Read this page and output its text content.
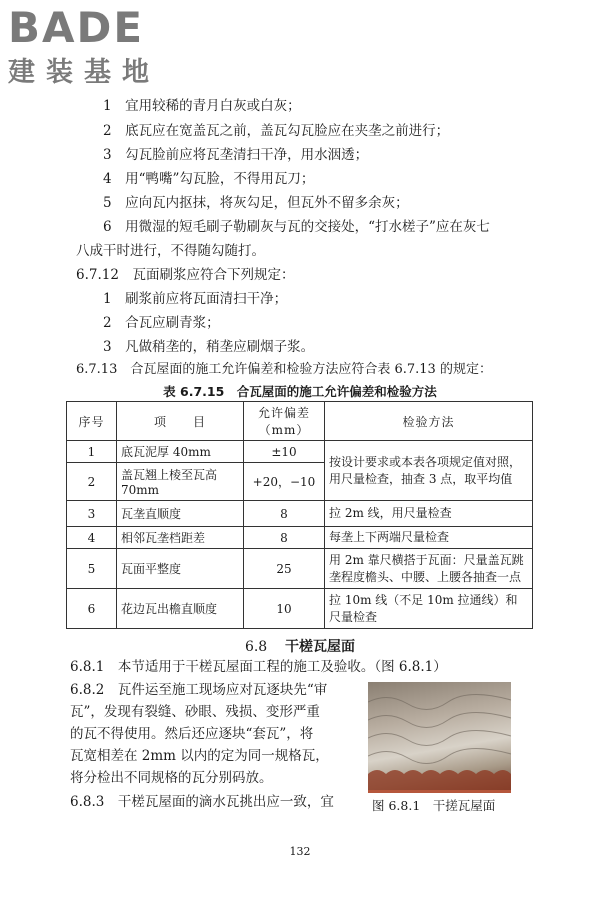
BADE
建装基地
1　宜用较稀的青月白灰或白灰；
2　底瓦应在宽盖瓦之前，盖瓦勾瓦脸应在夹垄之前进行；
3　勾瓦脸前应将瓦垄清扫干净，用水洇透；
4　用“鸭嘴”勾瓦脸，不得用瓦刀；
5　应向瓦内抠抹，将灰勾足，但瓦外不留多余灰；
6　用微湿的短毛刷子勒刷灰与瓦的交接处，“打水槎子”应在灰七
八成干时进行，不得随勾随打。
6.7.12　瓦面刷浆应符合下列规定：
1　刷浆前应将瓦面清扫干净；
2　合瓦应刷青浆；
3　凡做稍垄的，稍垄应刷烟子浆。
6.7.13　合瓦屋面的施工允许偏差和检验方法应符合表 6.7.13 的规定：
表 6.7.15　合瓦屋面的施工允许偏差和检验方法
序号	项　　目	允许偏差（mm）	检验方法
1	底瓦泥厚 40mm	±10	按设计要求或本表各项规定值对照，用尺量检查，抽查 3 点，取平均值
2	盖瓦翘上棱至瓦高70mm	+20，−10	
3	瓦垄直顺度	8	拉 2m 线，用尺量检查
4	相邻瓦垄档距差	8	每垄上下两端尺量检查
5	瓦面平整度	25	用 2m 靠尺横搭于瓦面：尺量盖瓦跳垄程度檐头、中腰、上腰各抽查一点
6	花边瓦出檐直顺度	10	拉 10m 线（不足 10m 拉通线）和尺量检查
6.8 干槎瓦屋面
6.8.1　本节适用于干槎瓦屋面工程的施工及验收。（图 6.8.1）
6.8.2　瓦件运至施工现场应对瓦逐块先“审
瓦”，发现有裂缝、砂眼、残损、变形严重
的瓦不得使用。然后还应逐块“套瓦”，将
瓦宽相差在 2mm 以内的定为同一规格瓦，
将分检出不同规格的瓦分别码放。
6.8.3　干槎瓦屋面的滴水瓦挑出应一致，宜	图 6.8.1　干搓瓦屋面
132
